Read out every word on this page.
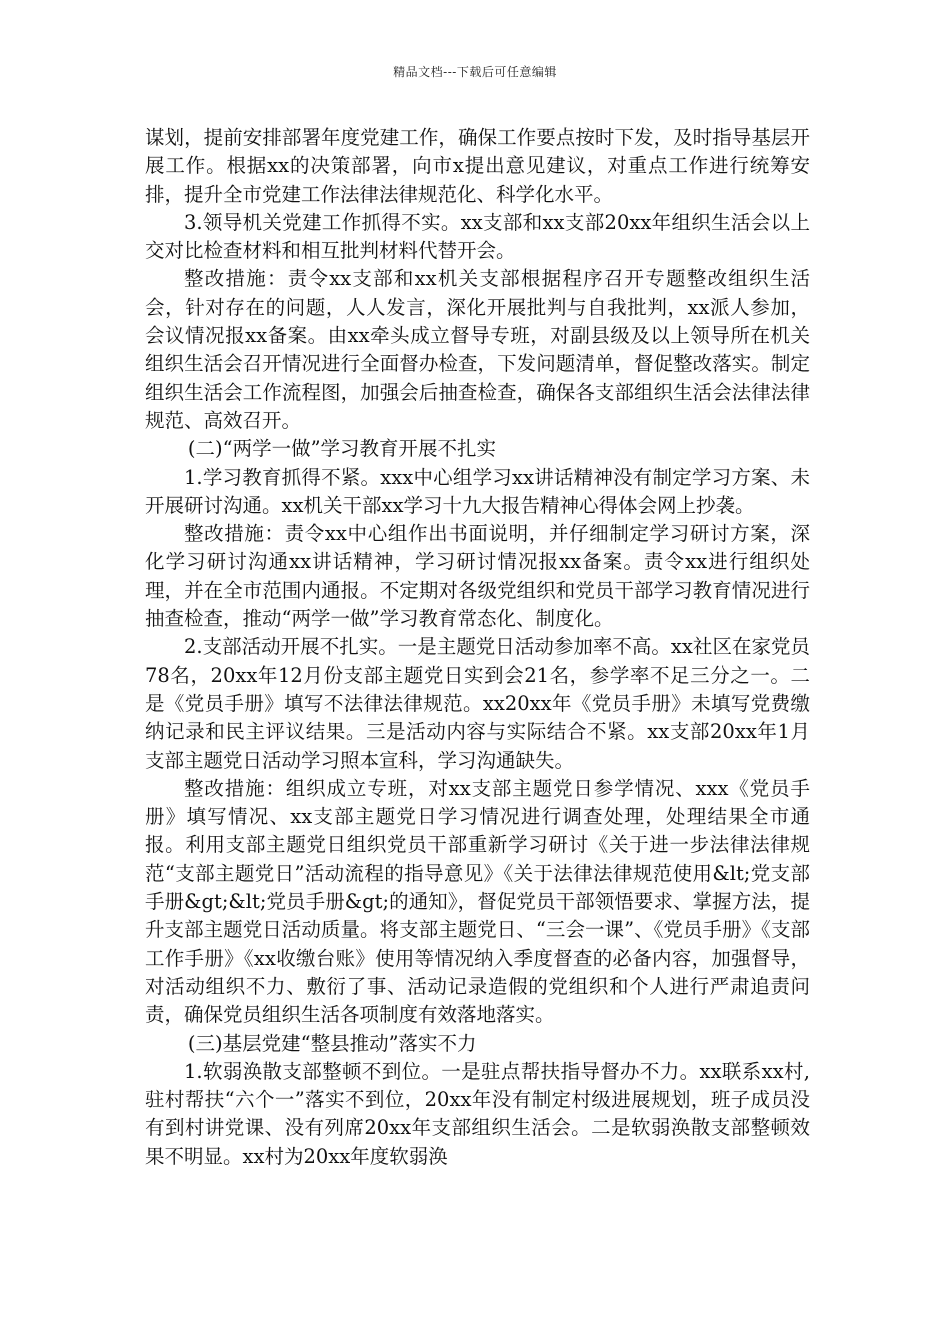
精品文档---下载后可任意编辑

谋划，提前安排部署年度党建工作，确保工作要点按时下发，及时指导基层开展工作。根据xx的决策部署，向市x提出意见建议，对重点工作进行统筹安排，提升全市党建工作法律法律规范化、科学化水平。

3.领导机关党建工作抓得不实。xx支部和xx支部20xx年组织生活会以上交对比检查材料和相互批判材料代替开会。

整改措施：责令xx支部和xx机关支部根据程序召开专题整改组织生活会，针对存在的问题，人人发言，深化开展批判与自我批判，xx派人参加，会议情况报xx备案。由xx牵头成立督导专班，对副县级及以上领导所在机关组织生活会召开情况进行全面督办检查，下发问题清单，督促整改落实。制定组织生活会工作流程图，加强会后抽查检查，确保各支部组织生活会法律法律规范、高效召开。

(二)“两学一做”学习教育开展不扎实

1.学习教育抓得不紧。xxx中心组学习xx讲话精神没有制定学习方案、未开展研讨沟通。xx机关干部xx学习十九大报告精神心得体会网上抄袭。

整改措施：责令xx中心组作出书面说明，并仔细制定学习研讨方案，深化学习研讨沟通xx讲话精神，学习研讨情况报xx备案。责令xx进行组织处理，并在全市范围内通报。不定期对各级党组织和党员干部学习教育情况进行抽查检查，推动“两学一做”学习教育常态化、制度化。

2.支部活动开展不扎实。一是主题党日活动参加率不高。xx社区在家党员78名，20xx年12月份支部主题党日实到会21名，参学率不足三分之一。二是《党员手册》填写不法律法律规范。xx20xx年《党员手册》未填写党费缴纳记录和民主评议结果。三是活动内容与实际结合不紧。xx支部20xx年1月支部主题党日活动学习照本宣科，学习沟通缺失。

整改措施：组织成立专班，对xx支部主题党日参学情况、xxx《党员手册》填写情况、xx支部主题党日学习情况进行调查处理，处理结果全市通报。利用支部主题党日组织党员干部重新学习研讨《关于进一步法律法律规范“支部主题党日”活动流程的指导意见》《关于法律法律规范使用&lt;党支部手册&gt;&lt;党员手册&gt;的通知》，督促党员干部领悟要求、掌握方法，提升支部主题党日活动质量。将支部主题党日、“三会一课”、《党员手册》《支部工作手册》《xx收缴台账》使用等情况纳入季度督查的必备内容，加强督导，对活动组织不力、敷衍了事、活动记录造假的党组织和个人进行严肃追责问责，确保党员组织生活各项制度有效落地落实。

(三)基层党建“整县推动”落实不力

1.软弱涣散支部整顿不到位。一是驻点帮扶指导督办不力。xx联系xx村,驻村帮扶“六个一”落实不到位，20xx年没有制定村级进展规划，班子成员没有到村讲党课、没有列席20xx年支部组织生活会。二是软弱涣散支部整顿效果不明显。xx村为20xx年度软弱涣
